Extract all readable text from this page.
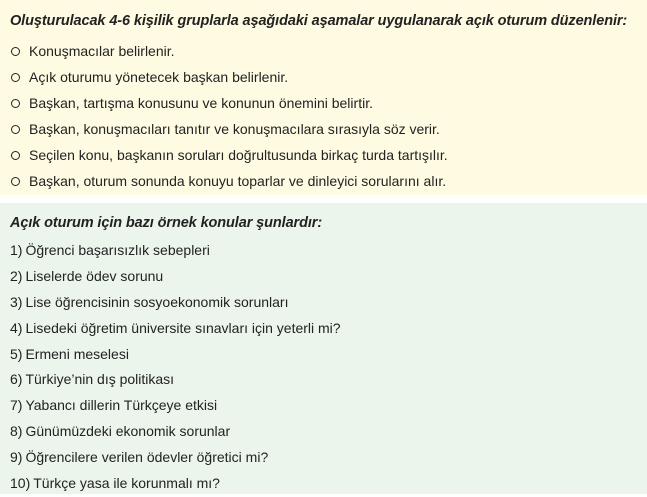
Oluşturulacak 4-6 kişilik gruplarla aşağıdaki aşamalar uygulanarak açık oturum düzenlenir:
Konuşmacılar belirlenir.
Açık oturumu yönetecek başkan belirlenir.
Başkan, tartışma konusunu ve konunun önemini belirtir.
Başkan, konuşmacıları tanıtır ve konuşmacılara sırasıyla söz verir.
Seçilen konu, başkanın soruları doğrultusunda birkaç turda tartışılır.
Başkan, oturum sonunda konuyu toparlar ve dinleyici sorularını alır.
Açık oturum için bazı örnek konular şunlardır:
1) Öğrenci başarısızlık sebepleri
2) Liselerde ödev sorunu
3) Lise öğrencisinin sosyoekonomik sorunları
4) Lisedeki öğretim üniversite sınavları için yeterli mi?
5) Ermeni meselesi
6) Türkiye’nin dış politikası
7) Yabancı dillerin Türkçeye etkisi
8) Günümüzdeki ekonomik sorunlar
9) Öğrencilere verilen ödevler öğretici mi?
10) Türkçe yasa ile korunmalı mı?
